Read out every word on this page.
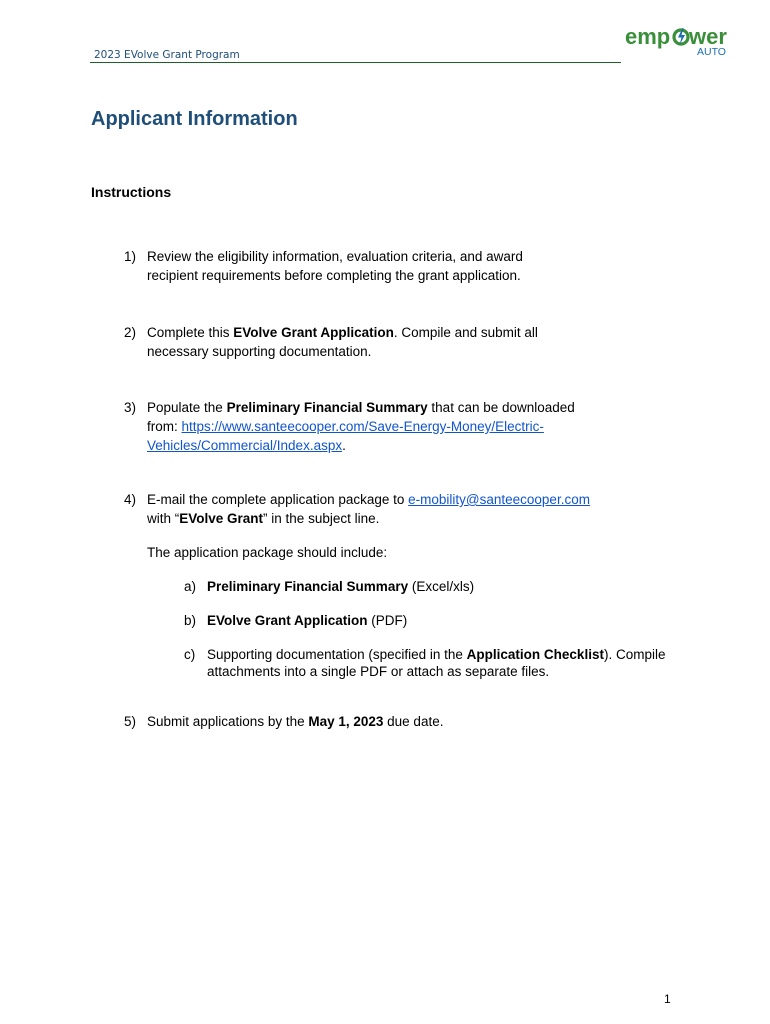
2023 EVolve Grant Program
emp wer
AUTO
Applicant Information
Instructions
1) Review the eligibility information, evaluation criteria, and award recipient requirements before completing the grant application.
2) Complete this EVolve Grant Application. Compile and submit all necessary supporting documentation.
3) Populate the Preliminary Financial Summary that can be downloaded from: https://www.santeecooper.com/Save-Energy-Money/Electric-Vehicles/Commercial/Index.aspx.
4) E-mail the complete application package to e-mobility@santeecooper.com with “EVolve Grant” in the subject line.
The application package should include:
a) Preliminary Financial Summary (Excel/xls)
b) EVolve Grant Application (PDF)
c) Supporting documentation (specified in the Application Checklist). Compile attachments into a single PDF or attach as separate files.
5) Submit applications by the May 1, 2023 due date.
1
